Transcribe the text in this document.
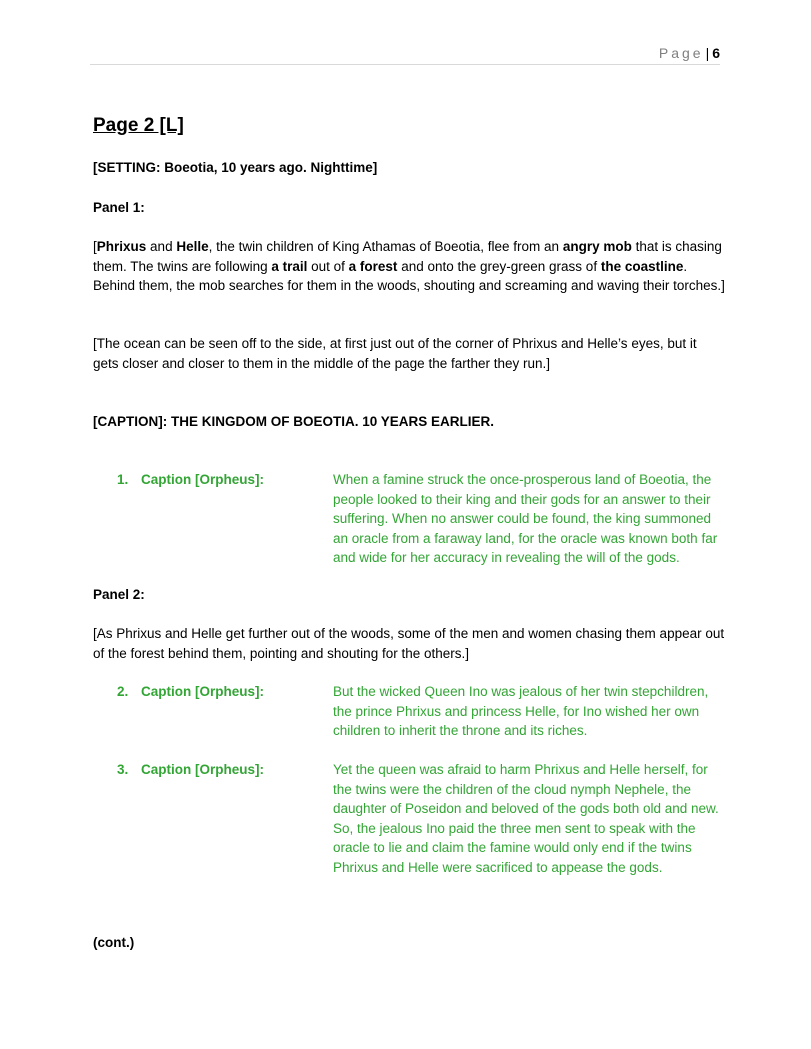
Page | 6
Page 2 [L]
[SETTING: Boeotia, 10 years ago. Nighttime]
Panel 1:
[Phrixus and Helle, the twin children of King Athamas of Boeotia, flee from an angry mob that is chasing them. The twins are following a trail out of a forest and onto the grey-green grass of the coastline. Behind them, the mob searches for them in the woods, shouting and screaming and waving their torches.]
[The ocean can be seen off to the side, at first just out of the corner of Phrixus and Helle’s eyes, but it gets closer and closer to them in the middle of the page the farther they run.]
[CAPTION]: THE KINGDOM OF BOEOTIA. 10 YEARS EARLIER.
1. Caption [Orpheus]:	When a famine struck the once-prosperous land of Boeotia, the people looked to their king and their gods for an answer to their suffering. When no answer could be found, the king summoned an oracle from a faraway land, for the oracle was known both far and wide for her accuracy in revealing the will of the gods.
Panel 2:
[As Phrixus and Helle get further out of the woods, some of the men and women chasing them appear out of the forest behind them, pointing and shouting for the others.]
2. Caption [Orpheus]:	But the wicked Queen Ino was jealous of her twin stepchildren, the prince Phrixus and princess Helle, for Ino wished her own children to inherit the throne and its riches.
3. Caption [Orpheus]:	Yet the queen was afraid to harm Phrixus and Helle herself, for the twins were the children of the cloud nymph Nephele, the daughter of Poseidon and beloved of the gods both old and new. So, the jealous Ino paid the three men sent to speak with the oracle to lie and claim the famine would only end if the twins Phrixus and Helle were sacrificed to appease the gods.
(cont.)
